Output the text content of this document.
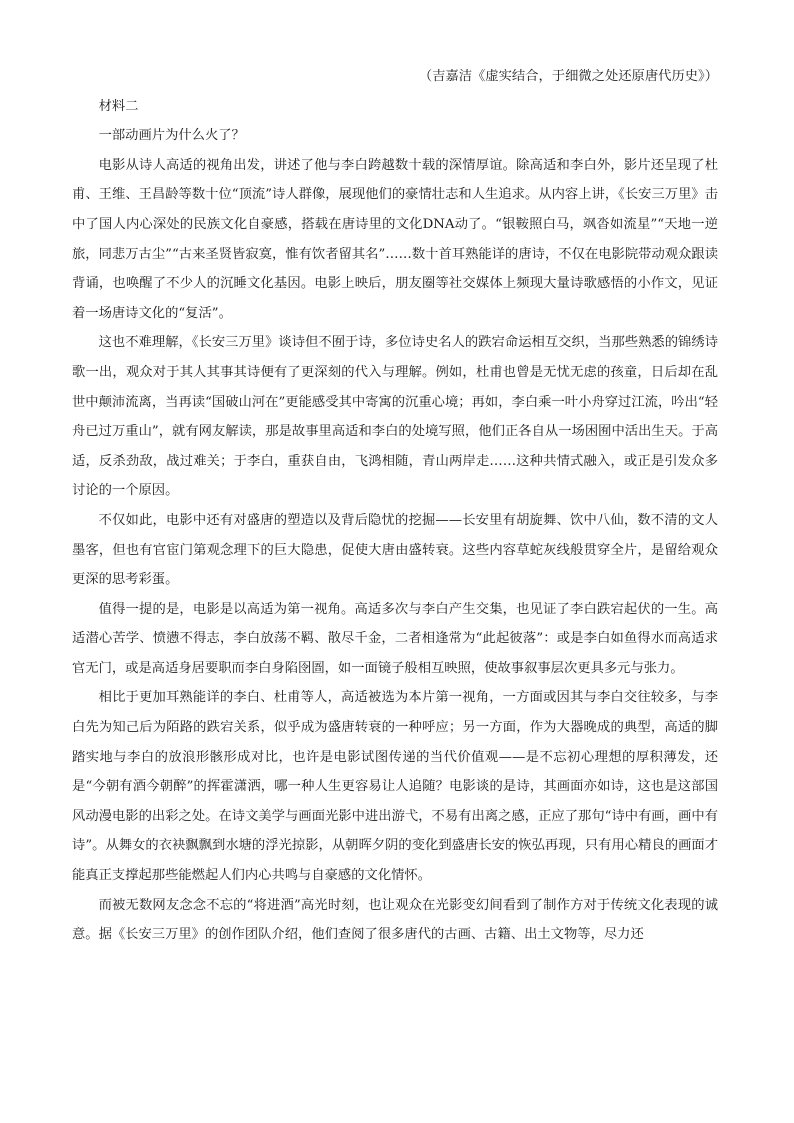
（吉嘉洁《虚实结合，于细微之处还原唐代历史》）

材料二

一部动画片为什么火了？

电影从诗人高适的视角出发，讲述了他与李白跨越数十载的深情厚谊。除高适和李白外，影片还呈现了杜甫、王维、王昌龄等数十位“顶流”诗人群像，展现他们的豪情壮志和人生追求。从内容上讲，《长安三万里》击中了国人内心深处的民族文化自豪感，搭载在唐诗里的文化DNA动了。“银鞍照白马，飒沓如流星”“天地一逆旅，同悲万古尘”“古来圣贤皆寂寞，惟有饮者留其名”……数十首耳熟能详的唐诗，不仅在电影院带动观众跟读背诵，也唤醒了不少人的沉睡文化基因。电影上映后，朋友圈等社交媒体上频现大量诗歌感悟的小作文，见证着一场唐诗文化的“复活”。

这也不难理解，《长安三万里》谈诗但不囿于诗，多位诗史名人的跌宕命运相互交织，当那些熟悉的锦绣诗歌一出，观众对于其人其事其诗便有了更深刻的代入与理解。例如，杜甫也曾是无忧无虑的孩童，日后却在乱世中颠沛流离，当再读“国破山河在”更能感受其中寄寓的沉重心境；再如，李白乘一叶小舟穿过江流，吟出“轻舟已过万重山”，就有网友解读，那是故事里高适和李白的处境写照，他们正各自从一场困囿中活出生天。于高适，反杀劲敌，战过难关；于李白，重获自由，飞鸿相随，青山两岸走……这种共情式融入，或正是引发众多讨论的一个原因。

不仅如此，电影中还有对盛唐的塑造以及背后隐忧的挖掘——长安里有胡旋舞、饮中八仙，数不清的文人墨客，但也有官宦门第观念理下的巨大隐患，促使大唐由盛转衰。这些内容草蛇灰线般贯穿全片，是留给观众更深的思考彩蛋。

值得一提的是，电影是以高适为第一视角。高适多次与李白产生交集，也见证了李白跌宕起伏的一生。高适潜心苦学、愤懑不得志，李白放荡不羁、散尽千金，二者相逢常为“此起彼落”：或是李白如鱼得水而高适求官无门，或是高适身居要职而李白身陷囹圄，如一面镜子般相互映照，使故事叙事层次更具多元与张力。

相比于更加耳熟能详的李白、杜甫等人，高适被选为本片第一视角，一方面或因其与李白交往较多，与李白先为知己后为陌路的跌宕关系，似乎成为盛唐转衰的一种呼应；另一方面，作为大器晚成的典型，高适的脚踏实地与李白的放浪形骸形成对比，也许是电影试图传递的当代价值观——是不忘初心理想的厚积薄发，还是“今朝有酒今朝醉”的挥霍潇洒，哪一种人生更容易让人追随？电影谈的是诗，其画面亦如诗，这也是这部国风动漫电影的出彩之处。在诗文美学与画面光影中进出游弋，不易有出离之感，正应了那句“诗中有画，画中有诗”。从舞女的衣袂飘飘到水塘的浮光掠影，从朝晖夕阴的变化到盛唐长安的恢弘再现，只有用心精良的画面才能真正支撑起那些能燃起人们内心共鸣与自豪感的文化情怀。

而被无数网友念念不忘的“将进酒”高光时刻，也让观众在光影变幻间看到了制作方对于传统文化表现的诚意。据《长安三万里》的创作团队介绍，他们查阅了很多唐代的古画、古籍、出土文物等，尽力还
